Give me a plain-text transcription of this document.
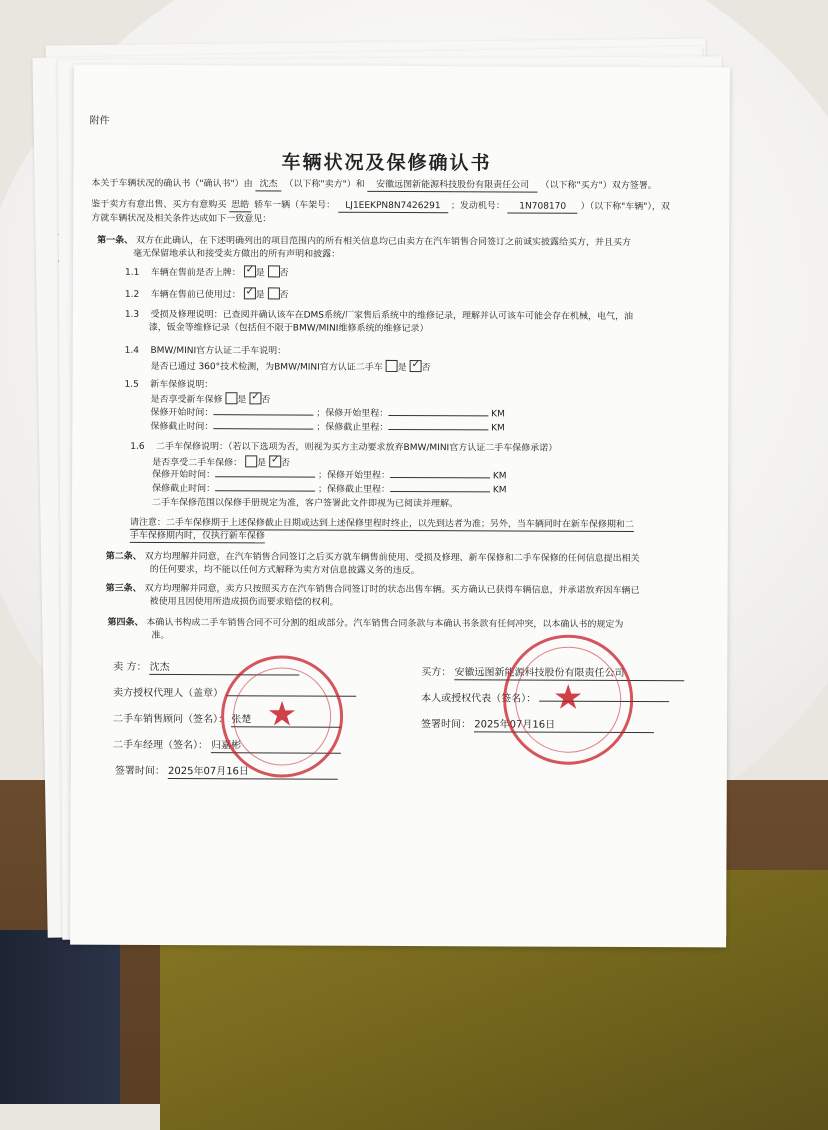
附件
车辆状况及保修确认书
本关于车辆状况的确认书（"确认书"）由 沈杰 （以下称"卖方"）和 安徽远图新能源科技股份有限责任公司 （以下称"买方"）双方签署。
鉴于卖方有意出售、买方有意购买 思皓 轿车一辆（车架号： LJ1EEKPN8N7426291 ；发动机号： 1N708170 ）（以下称"车辆"），双
方就车辆状况及相关条件达成如下一致意见：
第一条、 双方在此确认，在下述明确列出的项目范围内的所有相关信息均已由卖方在汽车销售合同签订之前诚实披露给买方，并且买方
毫无保留地承认和接受卖方做出的所有声明和披露：
1.1 车辆在售前是否上牌： ✓ 是 否
1.2 车辆在售前已使用过： ✓ 是 否
1.3 受损及修理说明：已查阅并确认该车在DMS系统/厂家售后系统中的维修记录，理解并认可该车可能会存在机械，电气，油
漆，钣金等维修记录（包括但不限于BMW/MINI维修系统的维修记录）
1.4 BMW/MINI官方认证二手车说明：
是否已通过 360°技术检测，为BMW/MINI官方认证二手车 是 ✓ 否
1.5 新车保修说明：
是否享受新车保修 是 ✓ 否
保修开始时间：	；保修开始里程：	KM
保修截止时间：	；保修截止里程：	KM
1.6 二手车保修说明：（若以下选项为否，则视为买方主动要求放弃BMW/MINI官方认证二手车保修承诺）
是否享受二手车保修： 是 ✓ 否
保修开始时间：	；保修开始里程：	KM
保修截止时间：	；保修截止里程：	KM
二手车保修范围以保修手册规定为准，客户签署此文件即视为已阅读并理解。
请注意：二手车保修期于上述保修截止日期或达到上述保修里程时终止，以先到达者为准；另外，当车辆同时在新车保修期和二
手车保修期内时，仅执行新车保修
第二条、 双方均理解并同意，在汽车销售合同签订之后买方就车辆售前使用、受损及修理、新车保修和二手车保修的任何信息提出相关
的任何要求，均不能以任何方式解释为卖方对信息披露义务的违反。
第三条、 双方均理解并同意，卖方只按照买方在汽车销售合同签订时的状态出售车辆。买方确认已获得车辆信息，并承诺放弃因车辆已
被使用且因使用所造成损伤而要求赔偿的权利。
第四条、 本确认书构成二手车销售合同不可分割的组成部分。汽车销售合同条款与本确认书条款有任何冲突，以本确认书的规定为
准。
卖 方： 沈杰
卖方授权代理人（盖章）
二手车销售顾问（签名）： 张楚
二手车经理（签名）： 归嘉彬
签署时间： 2025年07月16日
买方： 安徽远图新能源科技股份有限责任公司
本人或授权代表（签名）：
签署时间： 2025年07月16日
★	★
